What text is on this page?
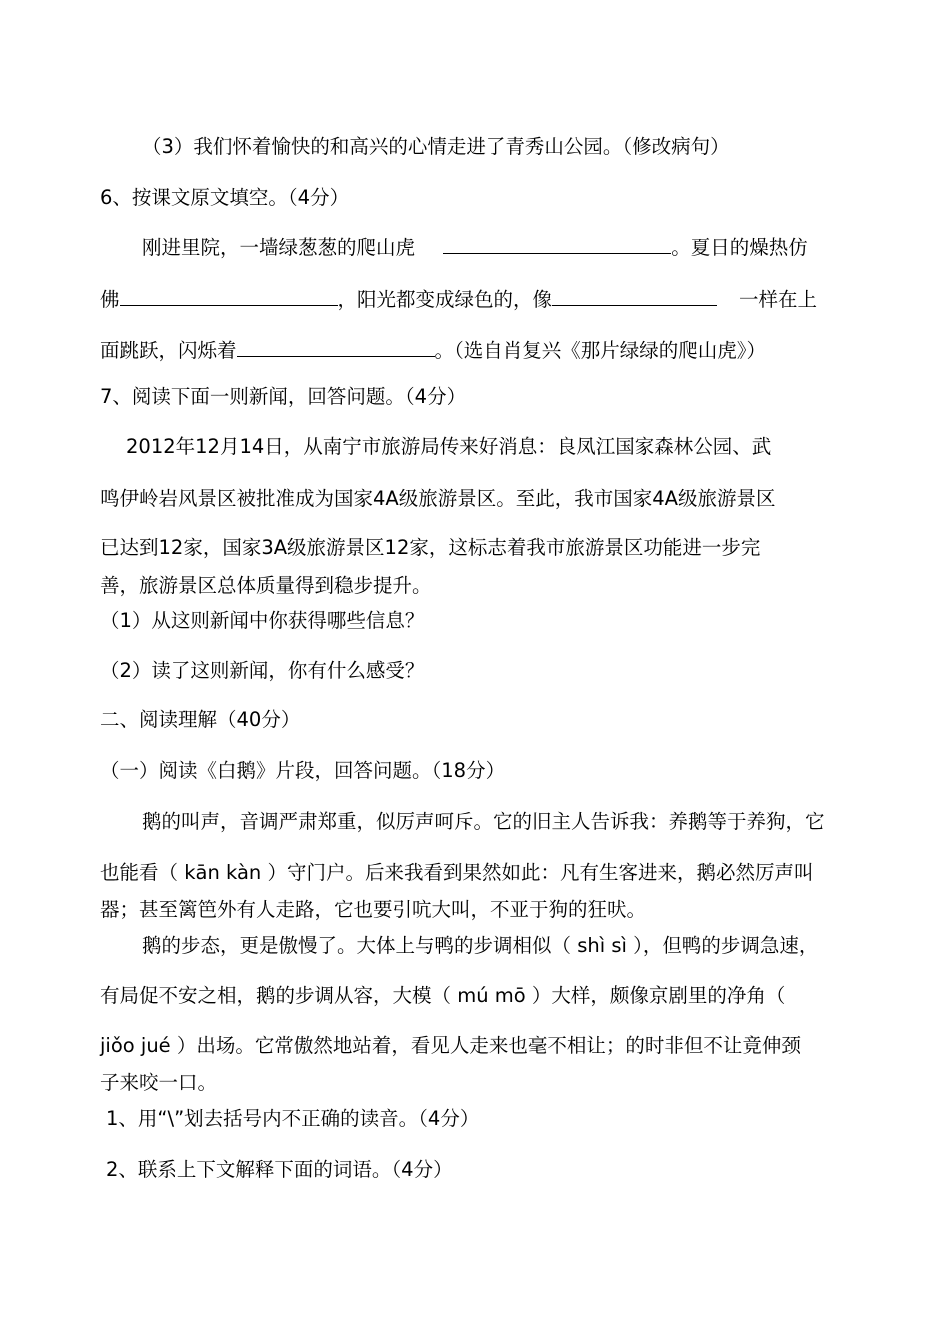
（3）我们怀着愉快的和高兴的心情走进了青秀山公园。（修改病句）
6、按课文原文填空。（4分）
刚进里院，一墙绿葱葱的爬山虎	。夏日的燥热仿
佛	，阳光都变成绿色的，像	一样在上
面跳跃，闪烁着	。（选自肖复兴《那片绿绿的爬山虎》）
7、阅读下面一则新闻，回答问题。（4分）
2012年12月14日，从南宁市旅游局传来好消息：良凤江国家森林公园、武
鸣伊岭岩风景区被批准成为国家4A级旅游景区。至此，我市国家4A级旅游景区
已达到12家，国家3A级旅游景区12家，这标志着我市旅游景区功能进一步完
善，旅游景区总体质量得到稳步提升。
（1）从这则新闻中你获得哪些信息？
（2）读了这则新闻，你有什么感受？
二、阅读理解（40分）
（一）阅读《白鹅》片段，回答问题。（18分）
鹅的叫声，音调严肃郑重，似厉声呵斥。它的旧主人告诉我：养鹅等于养狗，它
也能看（ kān kàn ）守门户。后来我看到果然如此：凡有生客进来，鹅必然厉声叫
器；甚至篱笆外有人走路，它也要引吭大叫，不亚于狗的狂吠。
鹅的步态，更是傲慢了。大体上与鸭的步调相似（ shì sì ），但鸭的步调急速，
有局促不安之相，鹅的步调从容，大模（ mú mō ）大样，颇像京剧里的净角（
jiǒo jué ）出场。它常傲然地站着，看见人走来也毫不相让；的时非但不让竟伸颈
子来咬一口。
1、用“\”划去括号内不正确的读音。（4分）
2、联系上下文解释下面的词语。（4分）
